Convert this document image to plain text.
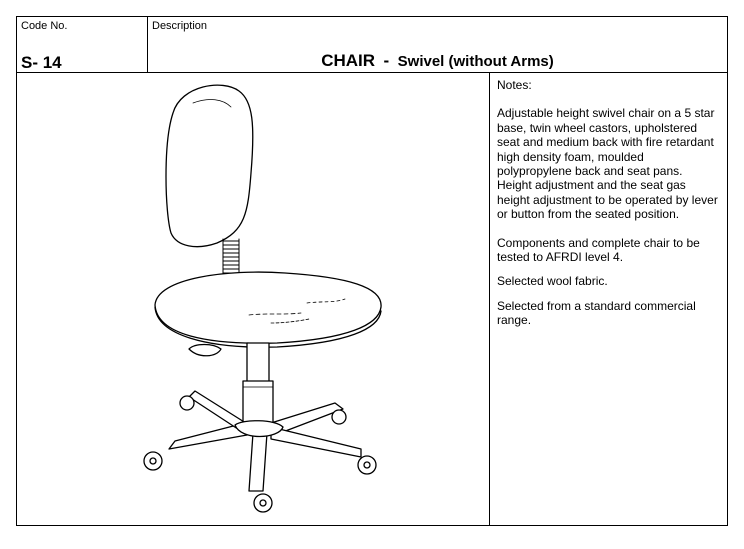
Code No.
S- 14
Description
CHAIR - Swivel (without Arms)

Notes:

Adjustable height swivel chair on a 5 star base, twin wheel castors, upholstered seat and medium back with fire retardant high density foam, moulded polypropylene back and seat pans.

Height adjustment and the seat gas height adjustment to be operated by lever or button from the seated position.

Components and complete chair to be tested to AFRDI level 4.

Selected wool fabric.

Selected from a standard commercial range.
